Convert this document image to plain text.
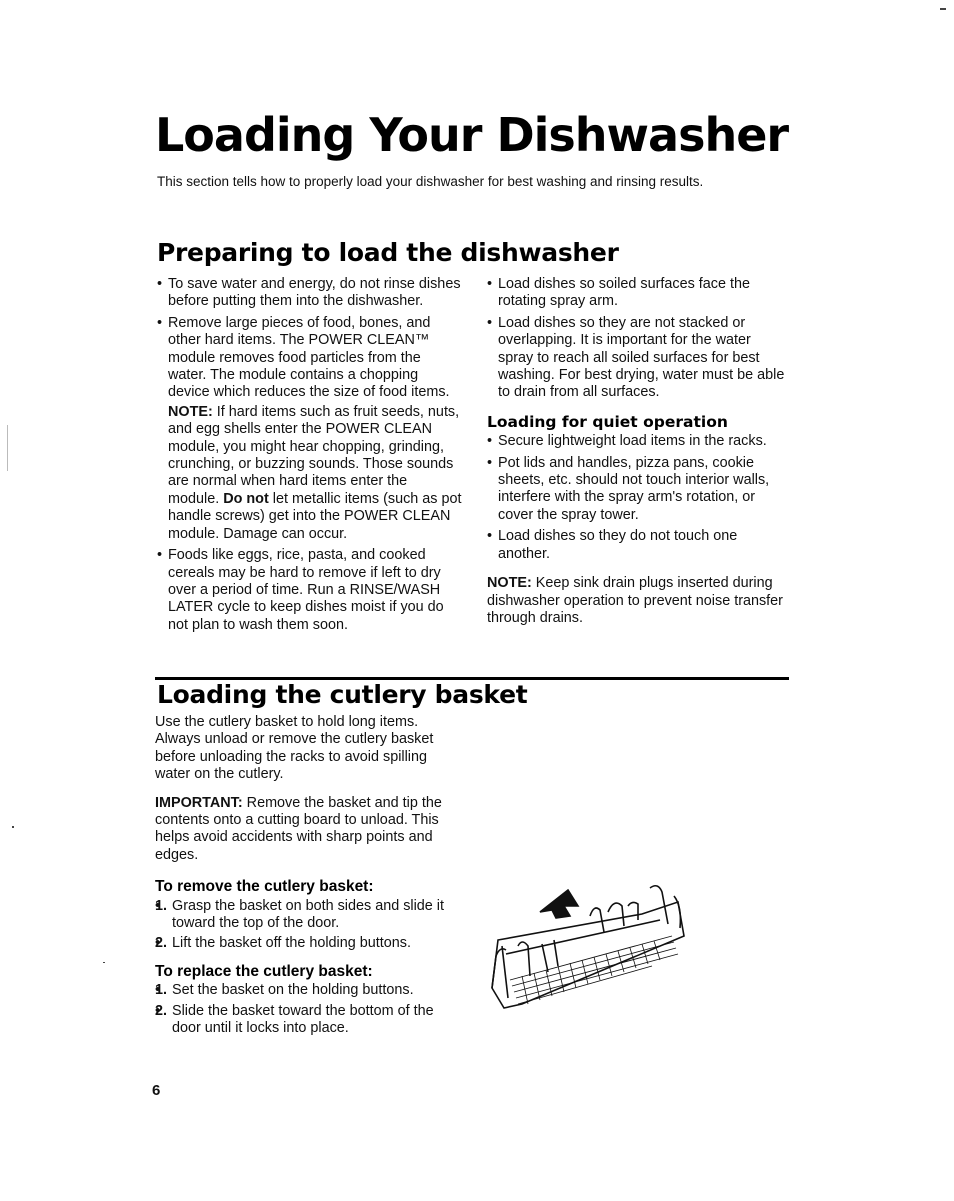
Loading Your Dishwasher

This section tells how to properly load your dishwasher for best washing and rinsing results.

Preparing to load the dishwasher
• To save water and energy, do not rinse dishes before putting them into the dishwasher.
• Remove large pieces of food, bones, and other hard items. The POWER CLEAN™ module removes food particles from the water. The module contains a chopping device which reduces the size of food items.
NOTE: If hard items such as fruit seeds, nuts, and egg shells enter the POWER CLEAN module, you might hear chopping, grinding, crunching, or buzzing sounds. Those sounds are normal when hard items enter the module. Do not let metallic items (such as pot handle screws) get into the POWER CLEAN module. Damage can occur.
• Foods like eggs, rice, pasta, and cooked cereals may be hard to remove if left to dry over a period of time. Run a RINSE/WASH LATER cycle to keep dishes moist if you do not plan to wash them soon.
• Load dishes so soiled surfaces face the rotating spray arm.
• Load dishes so they are not stacked or overlapping. It is important for the water spray to reach all soiled surfaces for best washing. For best drying, water must be able to drain from all surfaces.
Loading for quiet operation
• Secure lightweight load items in the racks.
• Pot lids and handles, pizza pans, cookie sheets, etc. should not touch interior walls, interfere with the spray arm's rotation, or cover the spray tower.
• Load dishes so they do not touch one another.

NOTE: Keep sink drain plugs inserted during dishwasher operation to prevent noise transfer through drains.

Loading the cutlery basket

Use the cutlery basket to hold long items. Always unload or remove the cutlery basket before unloading the racks to avoid spilling water on the cutlery.

IMPORTANT: Remove the basket and tip the contents onto a cutting board to unload. This helps avoid accidents with sharp points and edges.

To remove the cutlery basket:
• 1. Grasp the basket on both sides and slide it toward the top of the door.
• 2. Lift the basket off the holding buttons.
To replace the cutlery basket:
• 1. Set the basket on the holding buttons.
• 2. Slide the basket toward the bottom of the door until it locks into place.
6
